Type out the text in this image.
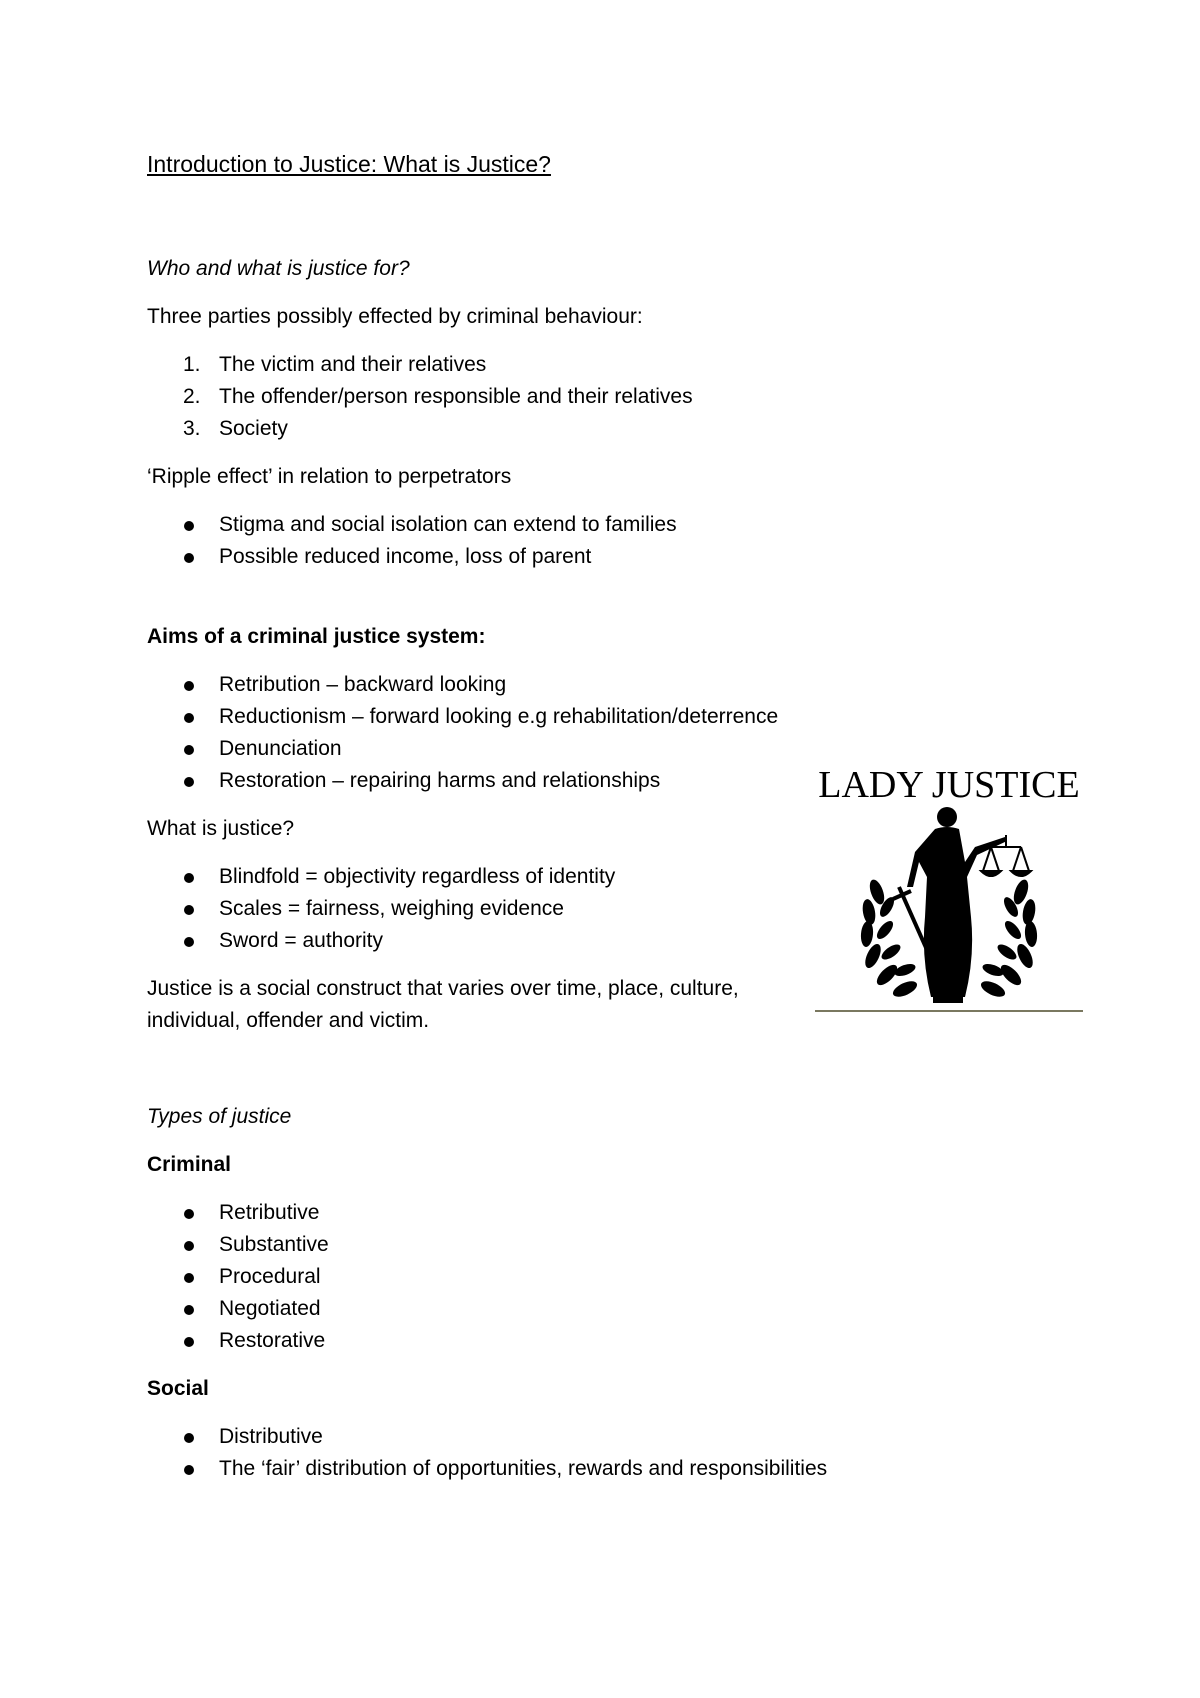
Introduction to Justice: What is Justice?
Who and what is justice for?
Three parties possibly effected by criminal behaviour:
1. The victim and their relatives
2. The offender/person responsible and their relatives
3. Society
‘Ripple effect’ in relation to perpetrators
Stigma and social isolation can extend to families
Possible reduced income, loss of parent
Aims of a criminal justice system:
Retribution – backward looking
Reductionism – forward looking e.g rehabilitation/deterrence
Denunciation
Restoration – repairing harms and relationships
What is justice?
Blindfold = objectivity regardless of identity
Scales = fairness, weighing evidence
Sword = authority
Justice is a social construct that varies over time, place, culture,
individual, offender and victim.
Types of justice
Criminal
Retributive
Substantive
Procedural
Negotiated
Restorative
Social
Distributive
The ‘fair’ distribution of opportunities, rewards and responsibilities
LADY JUSTICE
